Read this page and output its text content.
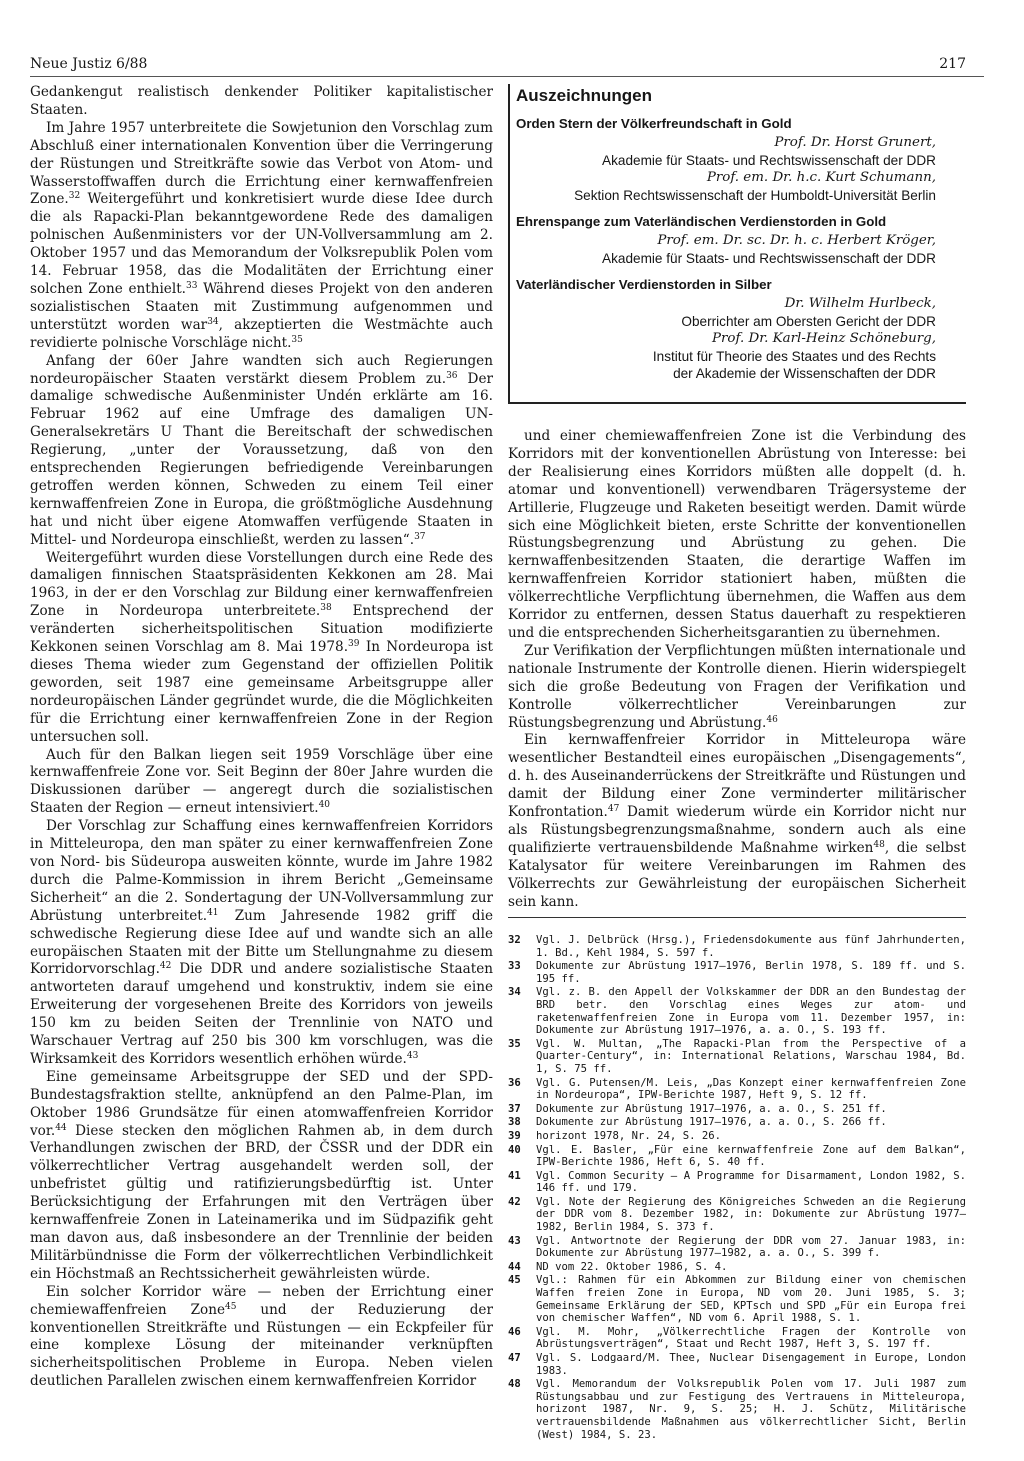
Neue Justiz 6/88	217

Gedankengut realistisch denkender Politiker kapitalistischer Staaten.

Im Jahre 1957 unterbreitete die Sowjetunion den Vorschlag zum Abschluß einer internationalen Konvention über die Verringerung der Rüstungen und Streitkräfte sowie das Verbot von Atom- und Wasserstoffwaffen durch die Errichtung einer kernwaffenfreien Zone.$^{32}$ Weitergeführt und konkretisiert wurde diese Idee durch die als Rapacki-Plan bekanntgewordene Rede des damaligen polnischen Außenministers vor der UN-Vollversammlung am 2. Oktober 1957 und das Memorandum der Volksrepublik Polen vom 14. Februar 1958, das die Modalitäten der Errichtung einer solchen Zone enthielt.$^{33}$ Während dieses Projekt von den anderen sozialistischen Staaten mit Zustimmung aufgenommen und unterstützt worden war$^{34}$, akzeptierten die Westmächte auch revidierte polnische Vorschläge nicht.$^{35}$

Anfang der 60er Jahre wandten sich auch Regierungen nordeuropäischer Staaten verstärkt diesem Problem zu.$^{36}$ Der damalige schwedische Außenminister Undén erklärte am 16. Februar 1962 auf eine Umfrage des damaligen UN-Generalsekretärs U Thant die Bereitschaft der schwedischen Regierung, „unter der Voraussetzung, daß von den entsprechenden Regierungen befriedigende Vereinbarungen getroffen werden können, Schweden zu einem Teil einer kernwaffenfreien Zone in Europa, die größtmögliche Ausdehnung hat und nicht über eigene Atomwaffen verfügende Staaten in Mittel- und Nordeuropa einschließt, werden zu lassen“.$^{37}$

Weitergeführt wurden diese Vorstellungen durch eine Rede des damaligen finnischen Staatspräsidenten Kekkonen am 28. Mai 1963, in der er den Vorschlag zur Bildung einer kernwaffenfreien Zone in Nordeuropa unterbreitete.$^{38}$ Entsprechend der veränderten sicherheitspolitischen Situation modifizierte Kekkonen seinen Vorschlag am 8. Mai 1978.39 In Nordeuropa ist dieses Thema wieder zum Gegenstand der offiziellen Politik geworden, seit 1987 eine gemeinsame Arbeitsgruppe aller nordeuropäischen Länder gegründet wurde, die die Möglichkeiten für die Errichtung einer kernwaffenfreien Zone in der Region untersuchen soll.

Auch für den Balkan liegen seit 1959 Vorschläge über eine kernwaffenfreie Zone vor. Seit Beginn der 80er Jahre wurden die Diskussionen darüber — angeregt durch die sozialistischen Staaten der Region — erneut intensiviert.$^{40}$

Der Vorschlag zur Schaffung eines kernwaffenfreien Korridors in Mitteleuropa, den man später zu einer kernwaffenfreien Zone von Nord- bis Südeuropa ausweiten könnte, wurde im Jahre 1982 durch die Palme-Kommission in ihrem Bericht „Gemeinsame Sicherheit“ an die 2. Sondertagung der UN-Vollversammlung zur Abrüstung unterbreitet.$^{41}$ Zum Jahresende 1982 griff die schwedische Regierung diese Idee auf und wandte sich an alle europäischen Staaten mit der Bitte um Stellungnahme zu diesem Korridorvorschlag.$^{42}$ Die DDR und andere sozialistische Staaten antworteten darauf umgehend und konstruktiv, indem sie eine Erweiterung der vorgesehenen Breite des Korridors von jeweils 150 km zu beiden Seiten der Trennlinie von NATO und Warschauer Vertrag auf 250 bis 300 km vorschlugen, was die Wirksamkeit des Korridors wesentlich erhöhen würde.$^{43}$

Eine gemeinsame Arbeitsgruppe der SED und der SPD-Bundestagsfraktion stellte, anknüpfend an den Palme-Plan, im Oktober 1986 Grundsätze für einen atomwaffenfreien Korridor vor.$^{44}$ Diese stecken den möglichen Rahmen ab, in dem durch Verhandlungen zwischen der BRD, der ČSSR und der DDR ein völkerrechtlicher Vertrag ausgehandelt werden soll, der unbefristet gültig und ratifizierungsbedürftig ist. Unter Berücksichtigung der Erfahrungen mit den Verträgen über kernwaffenfreie Zonen in Lateinamerika und im Südpazifik geht man davon aus, daß insbesondere an der Trennlinie der beiden Militärbündnisse die Form der völkerrechtlichen Verbindlichkeit ein Höchstmaß an Rechtssicherheit gewährleisten würde.

Ein solcher Korridor wäre — neben der Errichtung einer chemiewaffenfreien Zone$^{45}$ und der Reduzierung der konventionellen Streitkräfte und Rüstungen — ein Eckpfeiler für eine komplexe Lösung der miteinander verknüpften sicherheitspolitischen Probleme in Europa. Neben vielen deutlichen Parallelen zwischen einem kernwaffenfreien Korridor

Auszeichnungen
Orden Stern der Völkerfreundschaft in Gold
Prof. Dr. Horst Grunert,
Akademie für Staats- und Rechtswissenschaft der DDR
Prof. em. Dr. h.c. Kurt Schumann,
Sektion Rechtswissenschaft der Humboldt-Universität Berlin
Ehrenspange zum Vaterländischen Verdienstorden in Gold
Prof. em. Dr. sc. Dr. h. c. Herbert Kröger,
Akademie für Staats- und Rechtswissenschaft der DDR
Vaterländischer Verdienstorden in Silber
Dr. Wilhelm Hurlbeck,
Oberrichter am Obersten Gericht der DDR
Prof. Dr. Karl-Heinz Schöneburg,
Institut für Theorie des Staates und des Rechts
der Akademie der Wissenschaften der DDR

und einer chemiewaffenfreien Zone ist die Verbindung des Korridors mit der konventionellen Abrüstung von Interesse: bei der Realisierung eines Korridors müßten alle doppelt (d. h. atomar und konventionell) verwendbaren Trägersysteme der Artillerie, Flugzeuge und Raketen beseitigt werden. Damit würde sich eine Möglichkeit bieten, erste Schritte der konventionellen Rüstungsbegrenzung und Abrüstung zu gehen. Die kernwaffenbesitzenden Staaten, die derartige Waffen im kernwaffenfreien Korridor stationiert haben, müßten die völkerrechtliche Verpflichtung übernehmen, die Waffen aus dem Korridor zu entfernen, dessen Status dauerhaft zu respektieren und die entsprechenden Sicherheitsgarantien zu übernehmen.

Zur Verifikation der Verpflichtungen müßten internationale und nationale Instrumente der Kontrolle dienen. Hierin widerspiegelt sich die große Bedeutung von Fragen der Verifikation und Kontrolle völkerrechtlicher Vereinbarungen zur Rüstungsbegrenzung und Abrüstung.$^{46}$

Ein kernwaffenfreier Korridor in Mitteleuropa wäre wesentlicher Bestandteil eines europäischen „Disengagements“, d. h. des Auseinanderrückens der Streitkräfte und Rüstungen und damit der Bildung einer Zone verminderter militärischer Konfrontation.$^{47}$ Damit wiederum würde ein Korridor nicht nur als Rüstungsbegrenzungsmaßnahme, sondern auch als eine qualifizierte vertrauensbildende Maßnahme wirken$^{48}$, die selbst Katalysator für weitere Vereinbarungen im Rahmen des Völkerrechts zur Gewährleistung der europäischen Sicherheit sein kann.

32	Vgl. J. Delbrück (Hrsg.), Friedensdokumente aus fünf Jahrhunderten, 1. Bd., Kehl 1984, S. 597 f.
33	Dokumente zur Abrüstung 1917–1976, Berlin 1978, S. 189 ff. und S. 195 ff.
34	Vgl. z. B. den Appell der Volkskammer der DDR an den Bundestag der BRD betr. den Vorschlag eines Weges zur atom- und raketenwaffenfreien Zone in Europa vom 11. Dezember 1957, in: Dokumente zur Abrüstung 1917–1976, a. a. O., S. 193 ff.
35	Vgl. W. Multan, „The Rapacki-Plan from the Perspective of a Quarter-Century“, in: International Relations, Warschau 1984, Bd. 1, S. 75 ff.
36	Vgl. G. Putensen/M. Leis, „Das Konzept einer kernwaffenfreien Zone in Nordeuropa“, IPW-Berichte 1987, Heft 9, S. 12 ff.
37	Dokumente zur Abrüstung 1917–1976, a. a. O., S. 251 ff.
38	Dokumente zur Abrüstung 1917–1976, a. a. O., S. 266 ff.
39	horizont 1978, Nr. 24, S. 26.
40	Vgl. E. Basler, „Für eine kernwaffenfreie Zone auf dem Balkan“, IPW-Berichte 1986, Heft 6, S. 40 ff.
41	Vgl. Common Security — A Programme for Disarmament, London 1982, S. 146 ff. und 179.
42	Vgl. Note der Regierung des Königreiches Schweden an die Regierung der DDR vom 8. Dezember 1982, in: Dokumente zur Abrüstung 1977–1982, Berlin 1984, S. 373 f.
43	Vgl. Antwortnote der Regierung der DDR vom 27. Januar 1983, in: Dokumente zur Abrüstung 1977–1982, a. a. O., S. 399 f.
44	ND vom 22. Oktober 1986, S. 4.
45	Vgl.: Rahmen für ein Abkommen zur Bildung einer von chemischen Waffen freien Zone in Europa, ND vom 20. Juni 1985, S. 3; Gemeinsame Erklärung der SED, KPTsch und SPD „Für ein Europa frei von chemischer Waffen“, ND vom 6. April 1988, S. 1.
46	Vgl. M. Mohr, „Völkerrechtliche Fragen der Kontrolle von Abrüstungsverträgen“, Staat und Recht 1987, Heft 3, S. 197 ff.
47	Vgl. S. Lodgaard/M. Thee, Nuclear Disengagement in Europe, London 1983.
48	Vgl. Memorandum der Volksrepublik Polen vom 17. Juli 1987 zum Rüstungsabbau und zur Festigung des Vertrauens in Mitteleuropa, horizont 1987, Nr. 9, S. 25; H. J. Schütz, Militärische vertrauensbildende Maßnahmen aus völkerrechtlicher Sicht, Berlin (West) 1984, S. 23.
